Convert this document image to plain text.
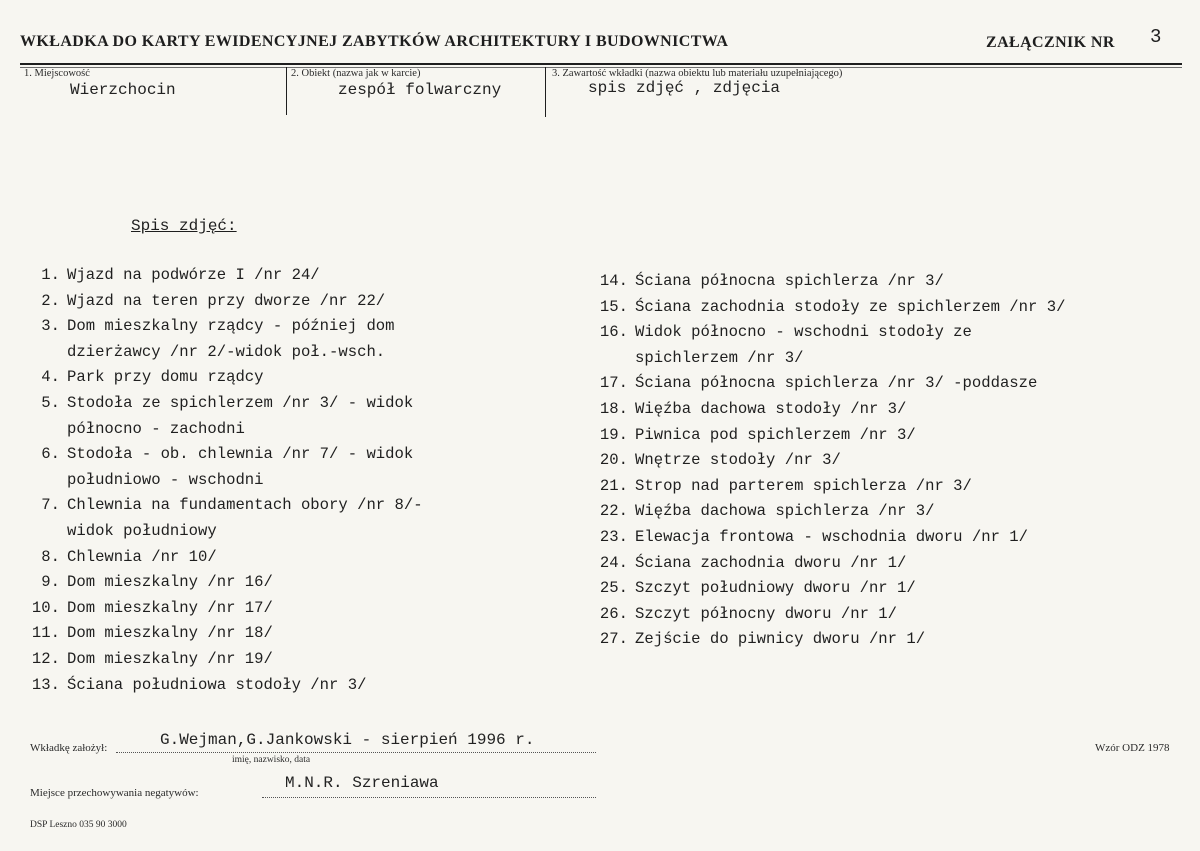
WKŁADKA DO KARTY EWIDENCYJNEJ ZABYTKÓW ARCHITEKTURY I BUDOWNICTWA	ZAŁĄCZNIK NR 3
1. Miejscowość
Wierzchocin
2. Obiekt (nazwa jak w karcie)
zespół folwarczny
3. Zawartość wkładki (nazwa obiektu lub materiału uzupełniającego)
spis zdjęć , zdjęcia
Spis zdjęć:
1. Wjazd na podwórze I /nr 24/
2. Wjazd na teren przy dworze /nr 22/
3. Dom mieszkalny rządcy - później dom
dzierżawcy /nr 2/-widok poł.-wsch.
4. Park przy domu rządcy
5. Stodoła ze spichlerzem /nr 3/ - widok
północno - zachodni
6. Stodoła - ob. chlewnia /nr 7/ - widok
południowo - wschodni
7. Chlewnia na fundamentach obory /nr 8/-
widok południowy
8. Chlewnia /nr 10/
9. Dom mieszkalny /nr 16/
10. Dom mieszkalny /nr 17/
11. Dom mieszkalny /nr 18/
12. Dom mieszkalny /nr 19/
13. Ściana południowa stodoły /nr 3/
14. Ściana północna spichlerza /nr 3/
15. Ściana zachodnia stodoły ze spichlerzem /nr 3/
16. Widok północno - wschodni stodoły ze
spichlerzem /nr 3/
17. Ściana północna spichlerza /nr 3/ -poddasze
18. Więźba dachowa stodoły /nr 3/
19. Piwnica pod spichlerzem /nr 3/
20. Wnętrze stodoły /nr 3/
21. Strop nad parterem spichlerza /nr 3/
22. Więźba dachowa spichlerza /nr 3/
23. Elewacja frontowa - wschodnia dworu /nr 1/
24. Ściana zachodnia dworu /nr 1/
25. Szczyt południowy dworu /nr 1/
26. Szczyt północny dworu /nr 1/
27. Zejście do piwnicy dworu /nr 1/
Wkładkę założył:	G.Wejman,G.Jankowski - sierpień 1996 r.
imię, nazwisko, data
Wzór ODZ 1978
Miejsce przechowywania negatywów:
M.N.R. Szreniawa
DSP Leszno 035 90 3000
